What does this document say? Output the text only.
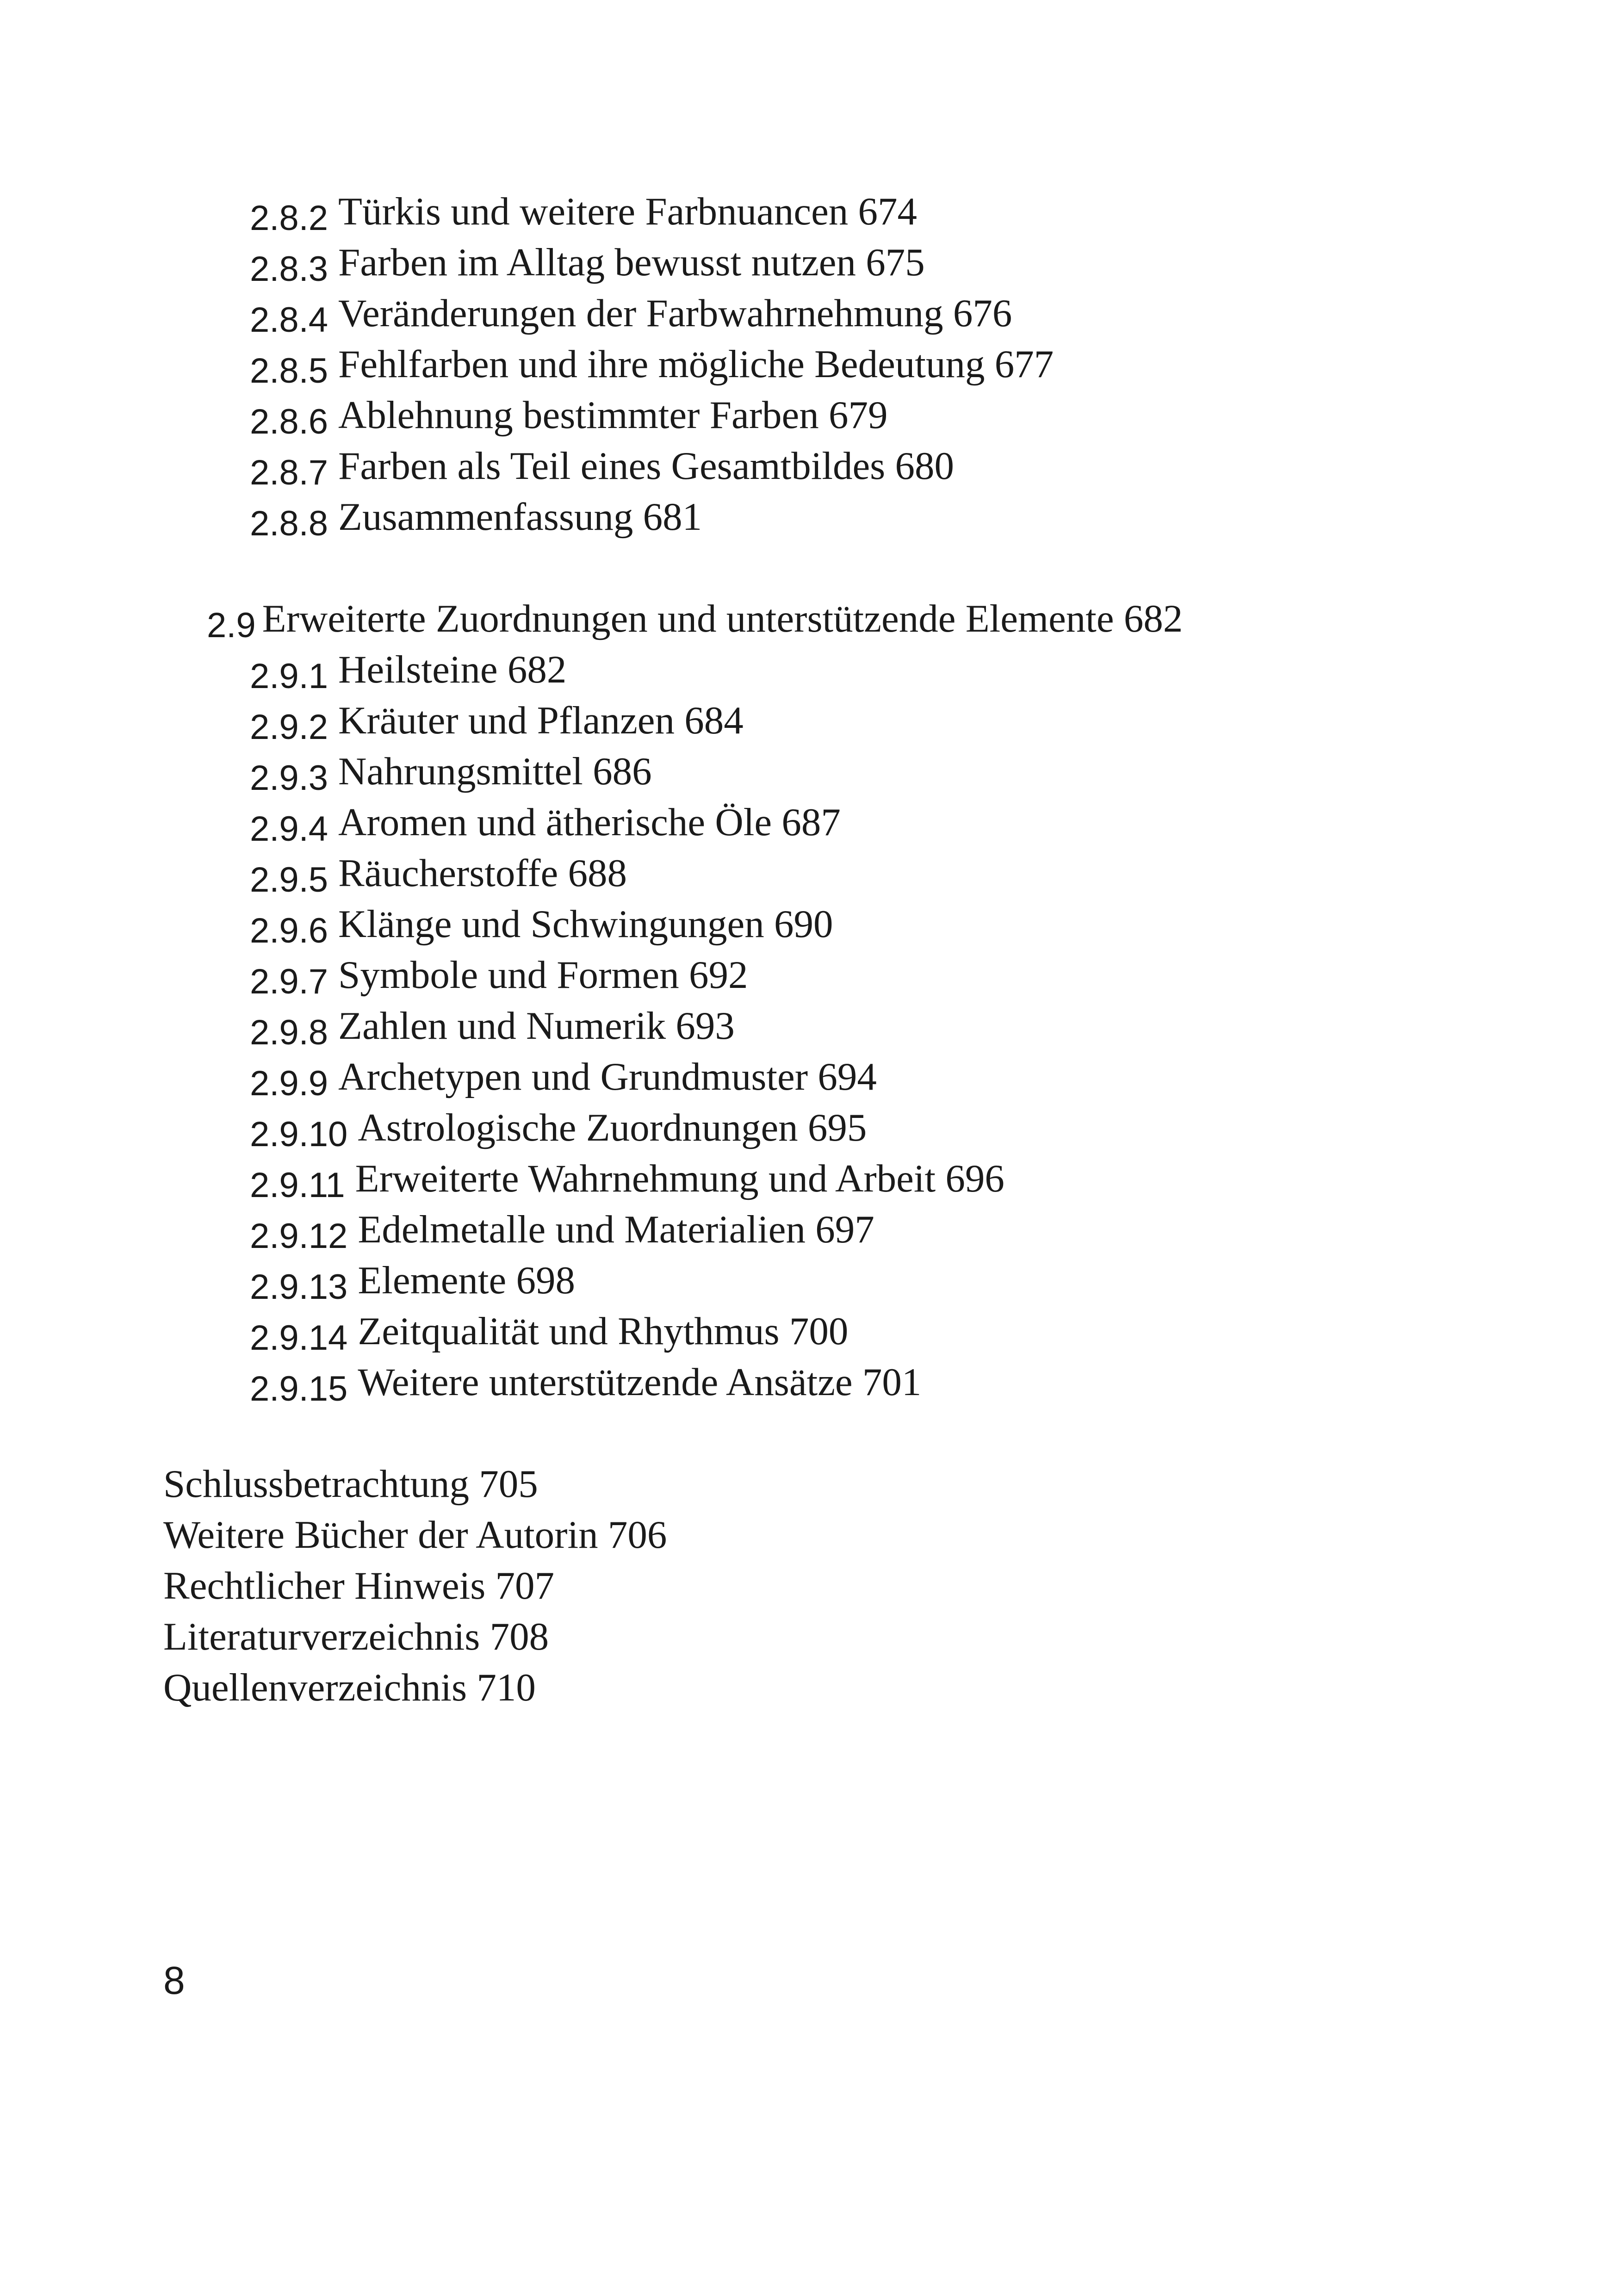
2.8.2 Türkis und weitere Farbnuancen 674
2.8.3 Farben im Alltag bewusst nutzen 675
2.8.4 Veränderungen der Farbwahrnehmung 676
2.8.5 Fehlfarben und ihre mögliche Bedeutung 677
2.8.6 Ablehnung bestimmter Farben 679
2.8.7 Farben als Teil eines Gesamtbildes 680
2.8.8 Zusammenfassung 681
2.9 Erweiterte Zuordnungen und unterstützende Elemente 682
2.9.1 Heilsteine 682
2.9.2 Kräuter und Pflanzen 684
2.9.3 Nahrungsmittel 686
2.9.4 Aromen und ätherische Öle 687
2.9.5 Räucherstoffe 688
2.9.6 Klänge und Schwingungen 690
2.9.7 Symbole und Formen 692
2.9.8 Zahlen und Numerik 693
2.9.9 Archetypen und Grundmuster 694
2.9.10 Astrologische Zuordnungen 695
2.9.11 Erweiterte Wahrnehmung und Arbeit 696
2.9.12 Edelmetalle und Materialien 697
2.9.13 Elemente 698
2.9.14 Zeitqualität und Rhythmus 700
2.9.15 Weitere unterstützende Ansätze 701
Schlussbetrachtung 705
Weitere Bücher der Autorin 706
Rechtlicher Hinweis 707
Literaturverzeichnis 708
Quellenverzeichnis 710
8
